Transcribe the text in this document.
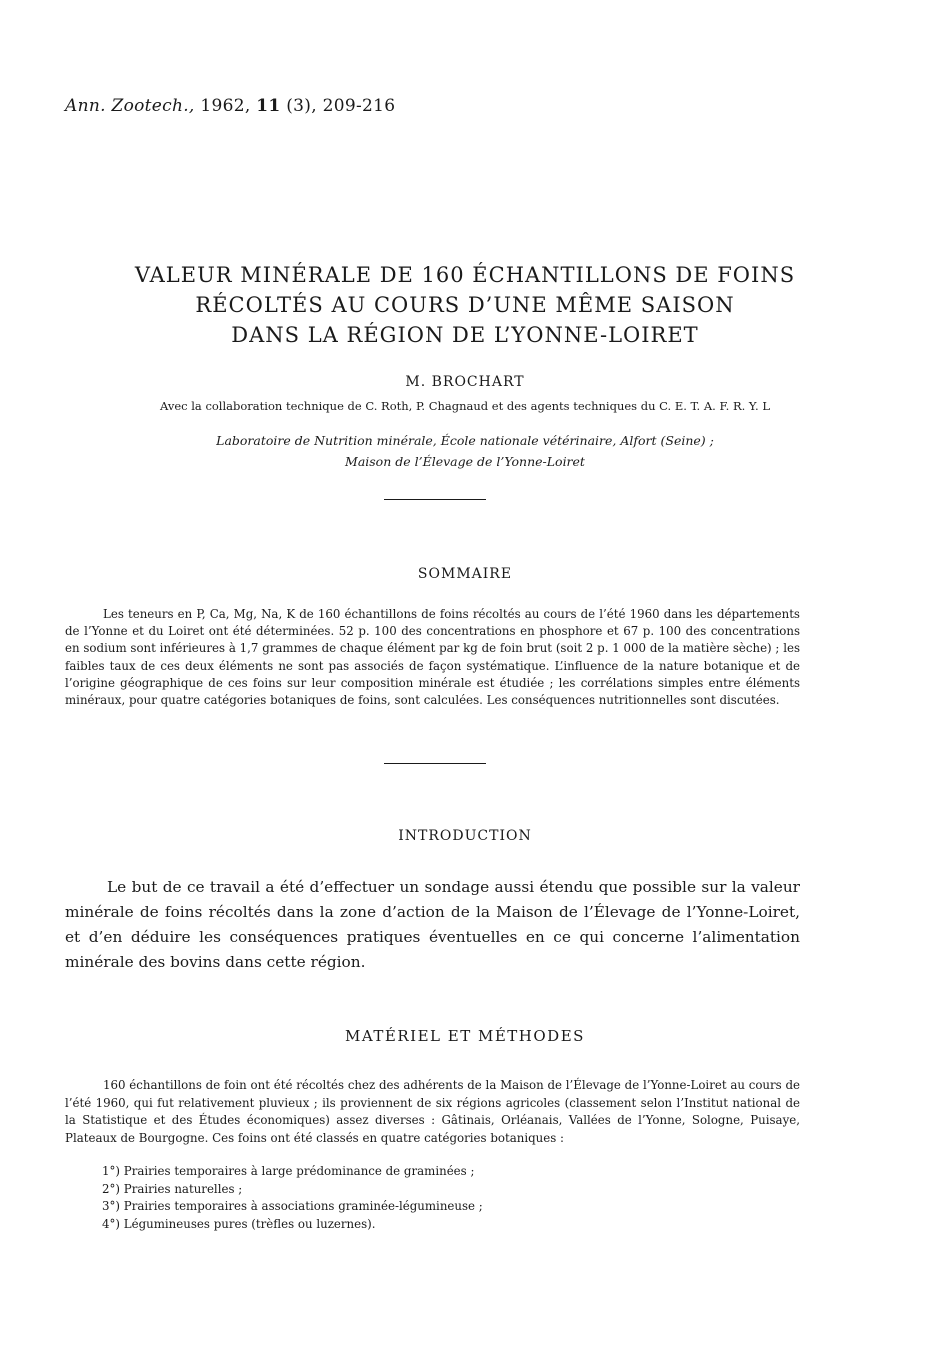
Ann. Zootech., 1962, 11 (3), 209-216
VALEUR MINÉRALE DE 160 ÉCHANTILLONS DE FOINS
RÉCOLTÉS AU COURS D’UNE MÊME SAISON
DANS LA RÉGION DE L’YONNE-LOIRET
M. BROCHART
Avec la collaboration technique de C. Roth, P. Chagnaud et des agents techniques du C. E. T. A. F. R. Y. L
Laboratoire de Nutrition minérale, École nationale vétérinaire, Alfort (Seine) ;
Maison de l’Élevage de l’Yonne-Loiret
SOMMAIRE

Les teneurs en P, Ca, Mg, Na, K de 160 échantillons de foins récoltés au cours de l’été 1960 dans les départements de l’Yonne et du Loiret ont été déterminées. 52 p. 100 des concentrations en phosphore et 67 p. 100 des concentrations en sodium sont inférieures à 1,7 grammes de chaque élément par kg de foin brut (soit 2 p. 1 000 de la matière sèche) ; les faibles taux de ces deux éléments ne sont pas associés de façon systématique. L’influence de la nature botanique et de l’origine géographique de ces foins sur leur composition minérale est étudiée ; les corrélations simples entre éléments minéraux, pour quatre catégories botaniques de foins, sont calculées. Les conséquences nutritionnelles sont discutées.

INTRODUCTION

Le but de ce travail a été d’effectuer un sondage aussi étendu que possible sur la valeur minérale de foins récoltés dans la zone d’action de la Maison de l’Élevage de l’Yonne-Loiret, et d’en déduire les conséquences pratiques éventuelles en ce qui concerne l’alimentation minérale des bovins dans cette région.

MATÉRIEL ET MÉTHODES

160 échantillons de foin ont été récoltés chez des adhérents de la Maison de l’Élevage de l’Yonne-Loiret au cours de l’été 1960, qui fut relativement pluvieux ; ils proviennent de six régions agricoles (classement selon l’Institut national de la Statistique et des Études économiques) assez diverses : Gâtinais, Orléanais, Vallées de l’Yonne, Sologne, Puisaye, Plateaux de Bourgogne. Ces foins ont été classés en quatre catégories botaniques :

1°) Prairies temporaires à large prédominance de graminées ;
2°) Prairies naturelles ;
3°) Prairies temporaires à associations graminée-légumineuse ;
4°) Légumineuses pures (trèfles ou luzernes).
